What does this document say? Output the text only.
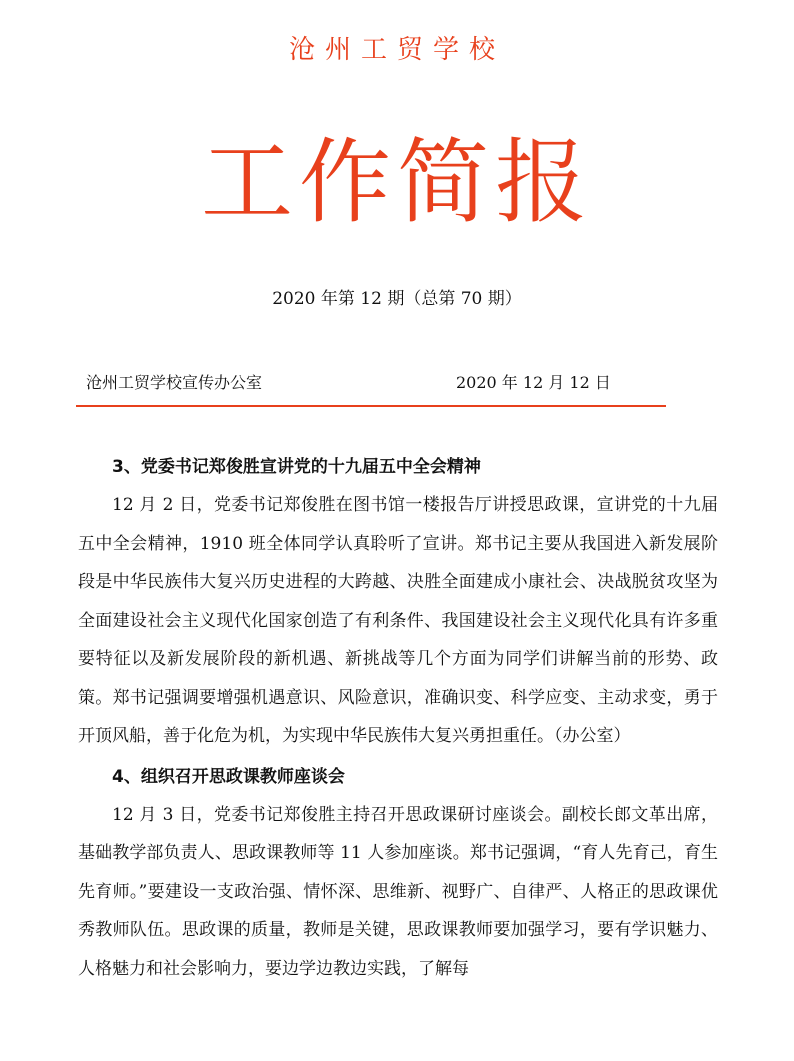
沧州工贸学校
工作简报
2020 年第 12 期（总第 70 期）
沧州工贸学校宣传办公室	2020 年 12 月 12 日
3、党委书记郑俊胜宣讲党的十九届五中全会精神

12 月 2 日，党委书记郑俊胜在图书馆一楼报告厅讲授思政课，宣讲党的十九届五中全会精神，1910 班全体同学认真聆听了宣讲。郑书记主要从我国进入新发展阶段是中华民族伟大复兴历史进程的大跨越、决胜全面建成小康社会、决战脱贫攻坚为全面建设社会主义现代化国家创造了有利条件、我国建设社会主义现代化具有许多重要特征以及新发展阶段的新机遇、新挑战等几个方面为同学们讲解当前的形势、政策。郑书记强调要增强机遇意识、风险意识，准确识变、科学应变、主动求变，勇于开顶风船，善于化危为机，为实现中华民族伟大复兴勇担重任。（办公室）

4、组织召开思政课教师座谈会

12 月 3 日，党委书记郑俊胜主持召开思政课研讨座谈会。副校长郎文革出席，基础教学部负责人、思政课教师等 11 人参加座谈。郑书记强调，“育人先育己，育生先育师。”要建设一支政治强、情怀深、思维新、视野广、自律严、人格正的思政课优秀教师队伍。思政课的质量，教师是关键，思政课教师要加强学习，要有学识魅力、人格魅力和社会影响力，要边学边教边实践，了解每
